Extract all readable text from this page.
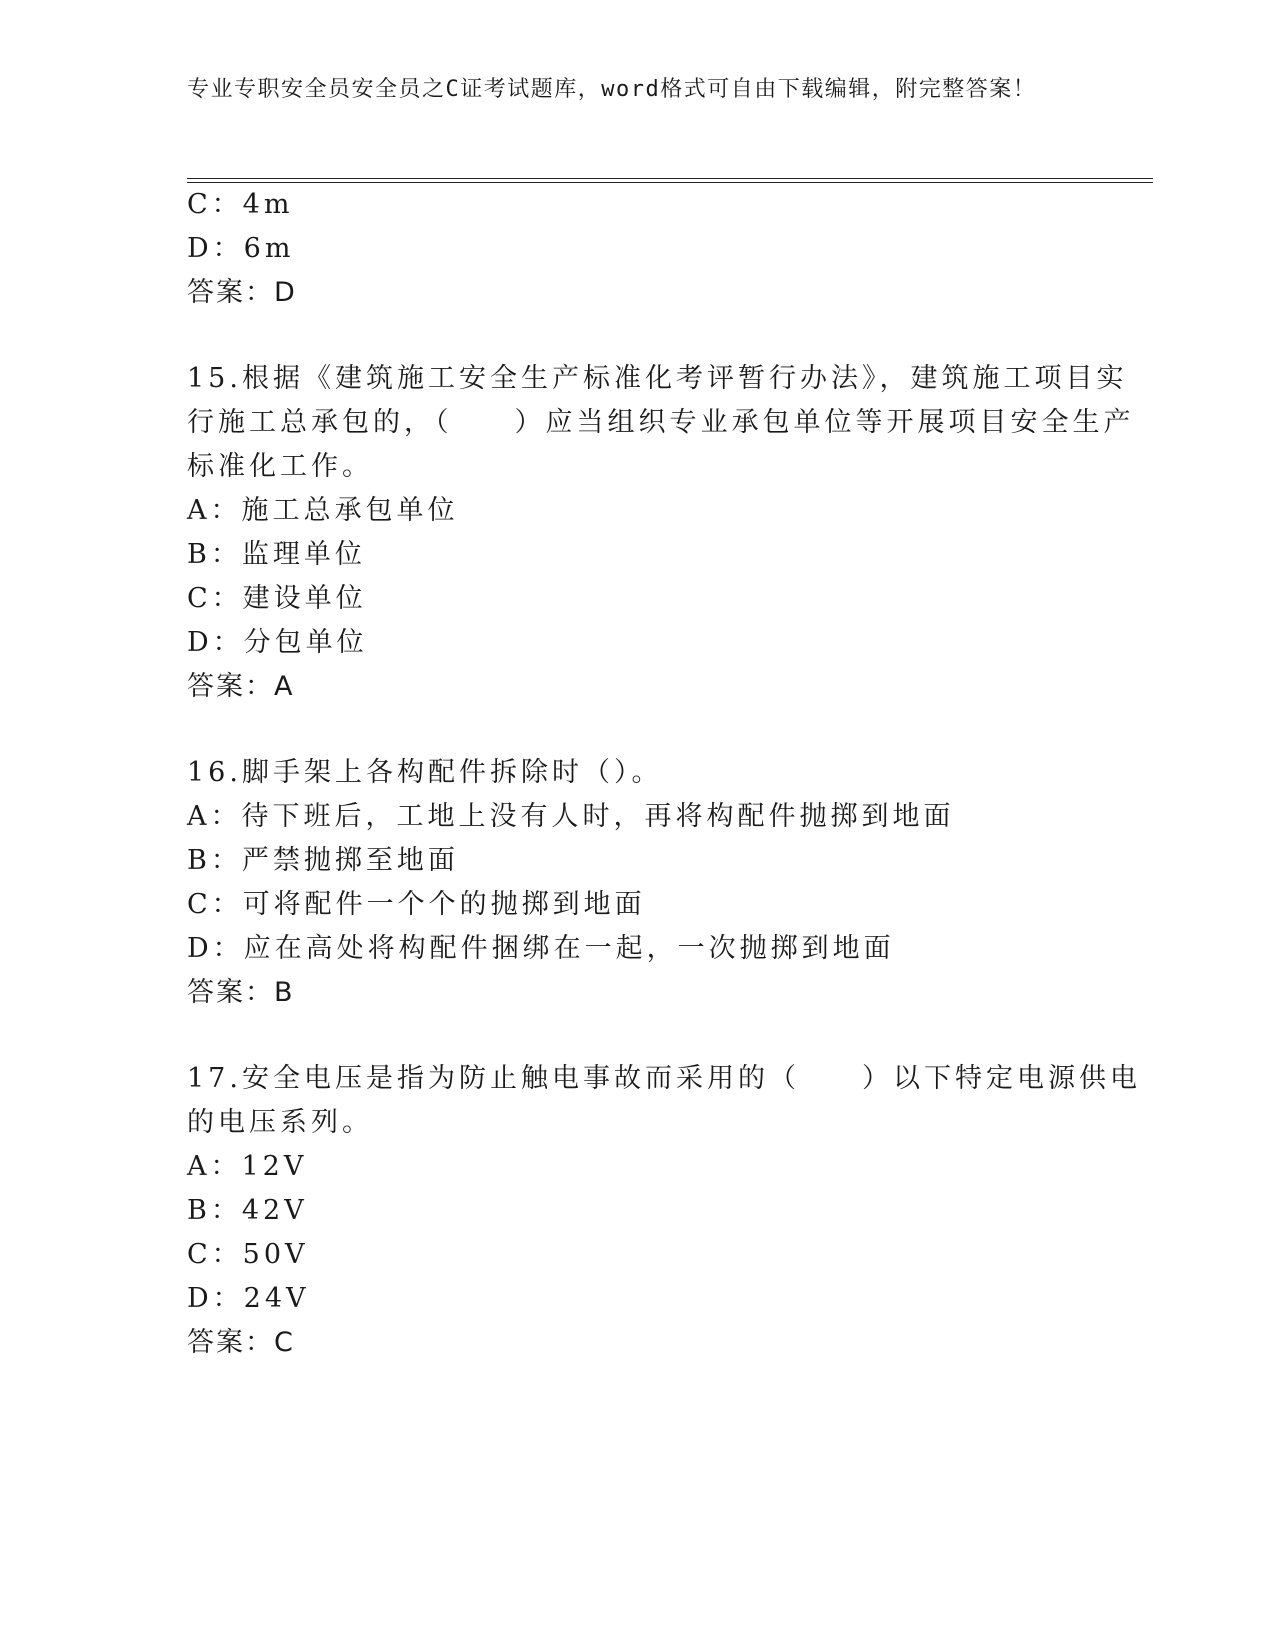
专业专职安全员安全员之C证考试题库，word格式可自由下载编辑，附完整答案！
C：4m
D：6m
答案：D
15.根据《建筑施工安全生产标准化考评暂行办法》，建筑施工项目实
行施工总承包的，（　　）应当组织专业承包单位等开展项目安全生产
标准化工作。
A：施工总承包单位
B：监理单位
C：建设单位
D：分包单位
答案：A
16.脚手架上各构配件拆除时（）。
A：待下班后，工地上没有人时，再将构配件抛掷到地面
B：严禁抛掷至地面
C：可将配件一个个的抛掷到地面
D：应在高处将构配件捆绑在一起，一次抛掷到地面
答案：B
17.安全电压是指为防止触电事故而采用的（　　）以下特定电源供电
的电压系列。
A：12V
B：42V
C：50V
D：24V
答案：C
